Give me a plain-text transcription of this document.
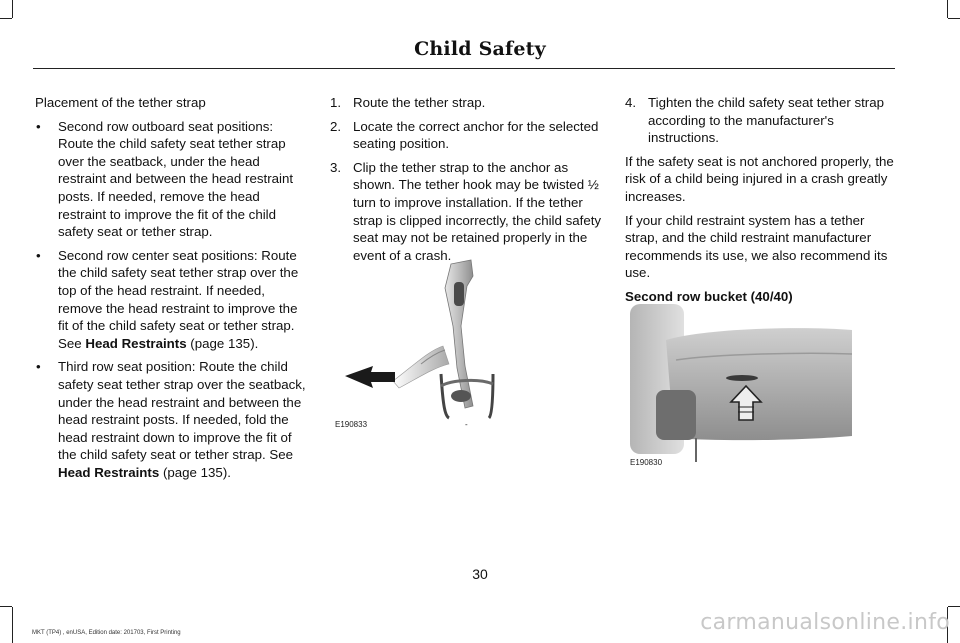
Child Safety

Placement of the tether strap

• Second row outboard seat positions: Route the child safety seat tether strap over the seatback, under the head restraint and between the head restraint posts. If needed, remove the head restraint to improve the fit of the child safety seat or tether strap.
• Second row center seat positions: Route the child safety seat tether strap over the top of the head restraint. If needed, remove the head restraint to improve the fit of the child safety seat or tether strap. See Head Restraints (page 135).
• Third row seat position: Route the child safety seat tether strap over the seatback, under the head restraint and between the head restraint posts. If needed, fold the head restraint down to improve the fit of the child safety seat or tether strap. See Head Restraints (page 135).
1. Route the tether strap.
2. Locate the correct anchor for the selected seating position.
3. Clip the tether strap to the anchor as shown. The tether hook may be twisted ½ turn to improve installation. If the tether strap is clipped incorrectly, the child safety seat may not be retained properly in the event of a crash.
E190833	-
4. Tighten the child safety seat tether strap according to the manufacturer's instructions.

If the safety seat is not anchored properly, the risk of a child being injured in a crash greatly increases.

If your child restraint system has a tether strap, and the child restraint manufacturer recommends its use, we also recommend its use.

Second row bucket (40/40)

E190830
30
MKT (TP4) , enUSA, Edition date: 201703, First Printing	carmanualsonline.info
